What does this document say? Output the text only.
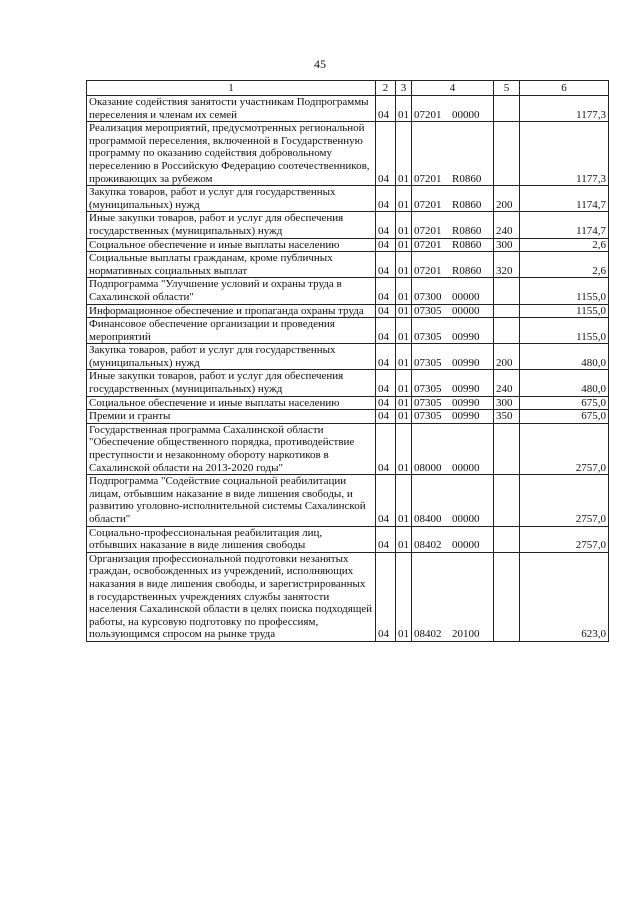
45
1	2	3	4	5	6
Оказание содействия занятости участникам Подпрограммы переселения и членам их семей	04	01	07201 00000		1177,3
Реализация мероприятий, предусмотренных региональной программой переселения, включенной в Государственную программу по оказанию содействия добровольному переселению в Российскую Федерацию соотечественников, проживающих за рубежом	04	01	07201 R0860		1177,3
Закупка товаров, работ и услуг для государственных (муниципальных) нужд	04	01	07201 R0860	200	1174,7
Иные закупки товаров, работ и услуг для обеспечения государственных (муниципальных) нужд	04	01	07201 R0860	240	1174,7
Социальное обеспечение и иные выплаты населению	04	01	07201 R0860	300	2,6
Социальные выплаты гражданам, кроме публичных нормативных социальных выплат	04	01	07201 R0860	320	2,6
Подпрограмма "Улучшение условий и охраны труда в Сахалинской области"	04	01	07300 00000		1155,0
Информационное обеспечение и пропаганда охраны труда	04	01	07305 00000		1155,0
Финансовое обеспечение организации и проведения мероприятий	04	01	07305 00990		1155,0
Закупка товаров, работ и услуг для государственных (муниципальных) нужд	04	01	07305 00990	200	480,0
Иные закупки товаров, работ и услуг для обеспечения государственных (муниципальных) нужд	04	01	07305 00990	240	480,0
Социальное обеспечение и иные выплаты населению	04	01	07305 00990	300	675,0
Премии и гранты	04	01	07305 00990	350	675,0
Государственная программа Сахалинской области "Обеспечение общественного порядка, противодействие преступности и незаконному обороту наркотиков в Сахалинской области на 2013-2020 годы"	04	01	08000 00000		2757,0
Подпрограмма "Содействие социальной реабилитации лицам, отбывшим наказание в виде лишения свободы, и развитию уголовно-исполнительной системы Сахалинской области"	04	01	08400 00000		2757,0
Социально-профессиональная реабилитация лиц, отбывших наказание в виде лишения свободы	04	01	08402 00000		2757,0
Организация профессиональной подготовки незанятых граждан, освобожденных из учреждений, исполняющих наказания в виде лишения свободы, и зарегистрированных в государственных учреждениях службы занятости населения Сахалинской области в целях поиска подходящей работы, на курсовую подготовку по профессиям, пользующимся спросом на рынке труда	04	01	08402 20100		623,0
